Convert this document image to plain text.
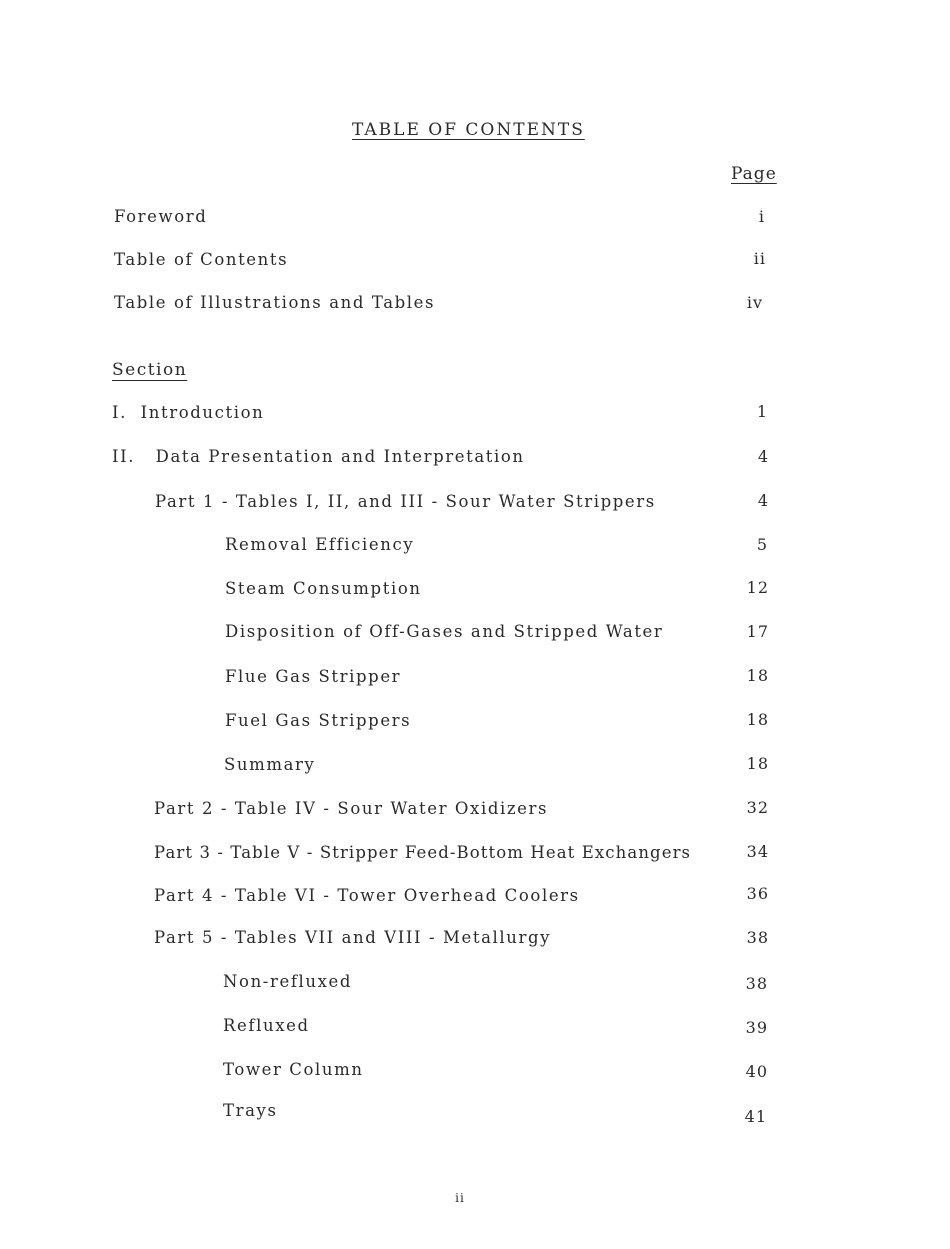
TABLE OF CONTENTS
Page
Foreword	i
Table of Contents	ii
Table of Illustrations and Tables	iv
Section
I.  Introduction	1
II.   Data Presentation and Interpretation	4
Part 1 - Tables I, II, and III - Sour Water Strippers	4
Removal Efficiency	5
Steam Consumption	12
Disposition of Off-Gases and Stripped Water	17
Flue Gas Stripper	18
Fuel Gas Strippers	18
Summary	18
Part 2 - Table IV - Sour Water Oxidizers	32
Part 3 - Table V - Stripper Feed-Bottom Heat Exchangers	34
Part 4 - Table VI - Tower Overhead Coolers	36
Part 5 - Tables VII and VIII - Metallurgy	38
Non-refluxed	38
Refluxed	39
Tower Column	40
Trays	41
ii
